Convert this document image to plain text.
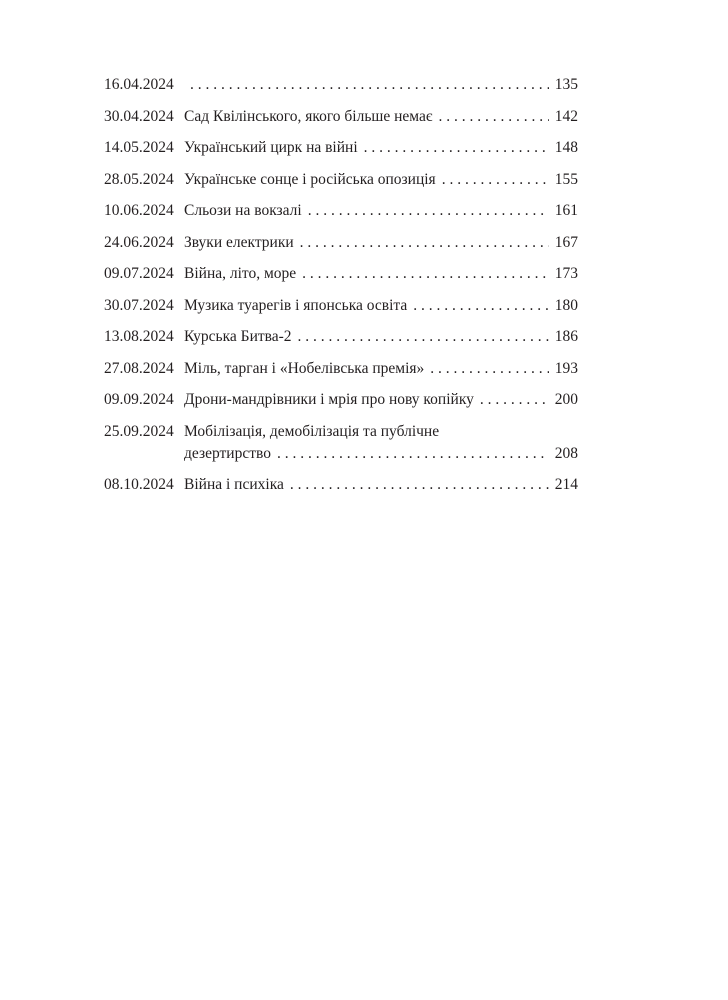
16.04.2024 . . .	135
30.04.2024 Сад Квілінського, якого більше немає . . .	142
14.05.2024 Український цирк на війні . . .	148
28.05.2024 Українське сонце і російська опозиція . . .	155
10.06.2024 Сльози на вокзалі . . .	161
24.06.2024 Звуки електрики . . .	167
09.07.2024 Війна, літо, море . . .	173
30.07.2024 Музика туарегів і японська освіта . . .	180
13.08.2024 Курська Битва-2 . . .	186
27.08.2024 Міль, тарган і «Нобелівська премія» . . .	193
09.09.2024 Дрони-мандрівники і мрія про нову копійку . . .	200
25.09.2024 Мобілізація, демобілізація та публічне
дезертирство . . .	208
08.10.2024 Війна і психіка . . .	214
